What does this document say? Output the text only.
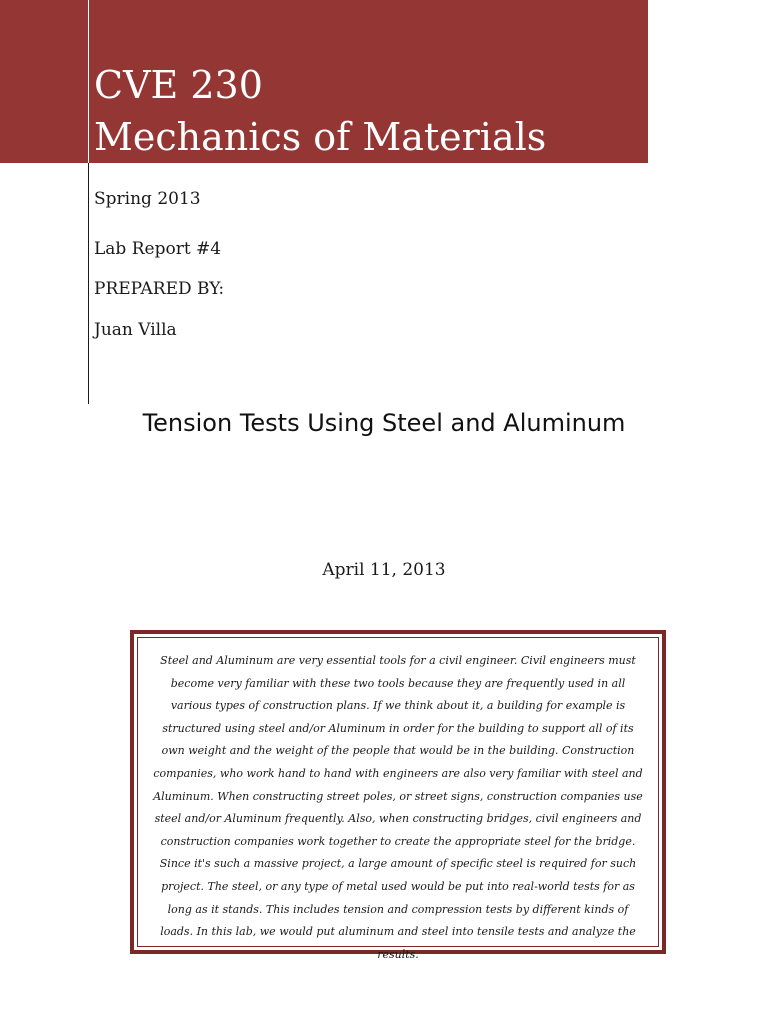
CVE 230
Mechanics of Materials
Spring 2013
Lab Report #4
PREPARED BY:
Juan Villa
Tension Tests Using Steel and Aluminum
April 11, 2013

Steel and Aluminum are very essential tools for a civil engineer. Civil engineers must become very familiar with these two tools because they are frequently used in all various types of construction plans. If we think about it, a building for example is structured using steel and/or Aluminum in order for the building to support all of its own weight and the weight of the people that would be in the building. Construction companies, who work hand to hand with engineers are also very familiar with steel and Aluminum. When constructing street poles, or street signs, construction companies use steel and/or Aluminum frequently. Also, when constructing bridges, civil engineers and construction companies work together to create the appropriate steel for the bridge. Since it's such a massive project, a large amount of specific steel is required for such project. The steel, or any type of metal used would be put into real-world tests for as long as it stands. This includes tension and compression tests by different kinds of loads. In this lab, we would put aluminum and steel into tensile tests and analyze the results.
